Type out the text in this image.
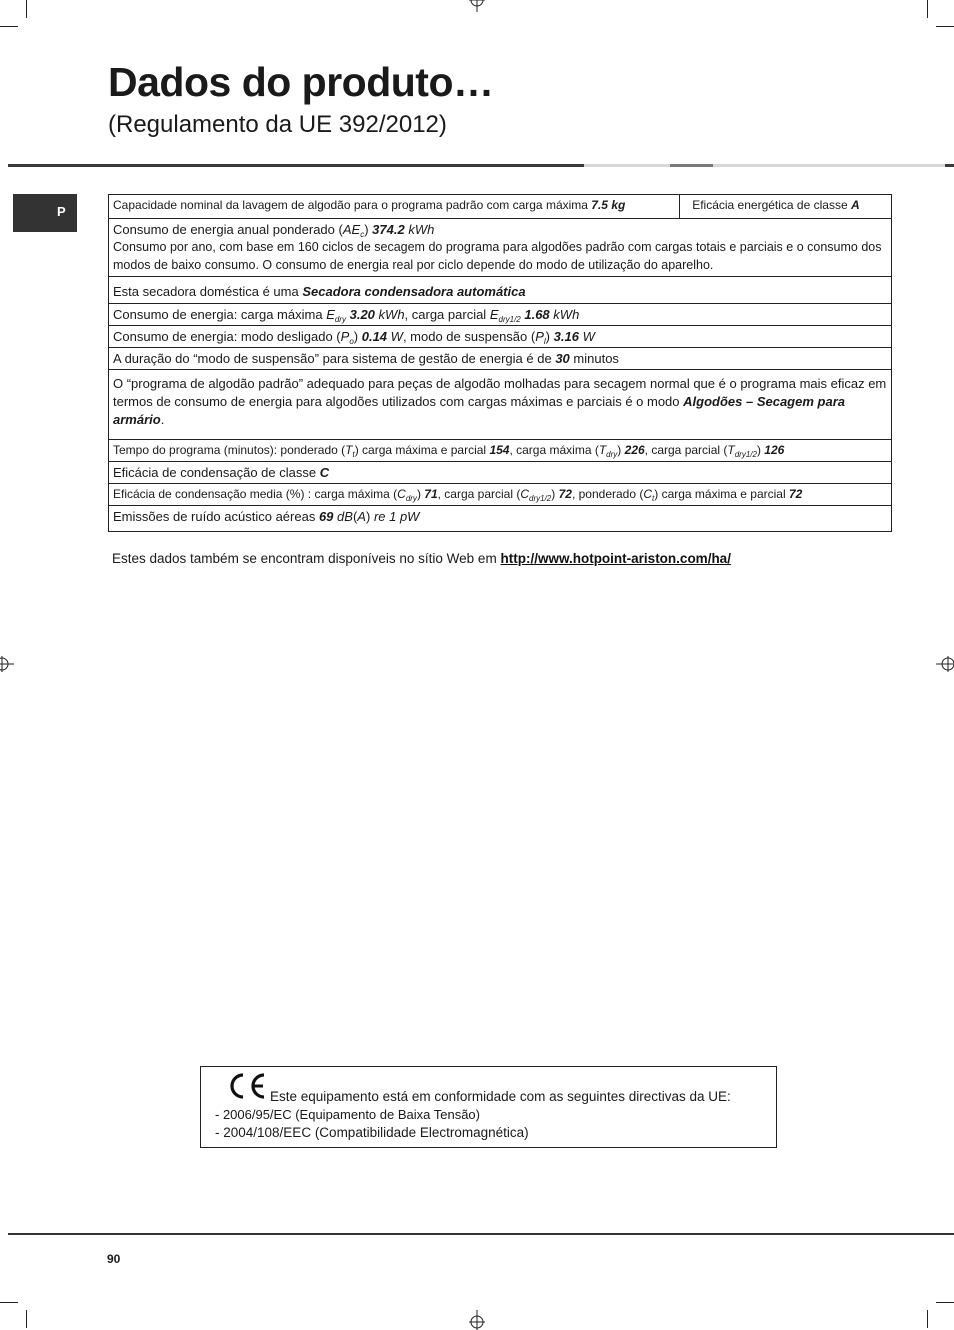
Dados do produto…
(Regulamento da UE 392/2012)
P	Capacidade nominal da lavagem de algodão para o programa padrão com carga máxima 7.5 kg	Eficácia energética de classe A
Consumo de energia anual ponderado $(AE_c)$ 374.2 kWh
Consumo por ano, com base em 160 ciclos de secagem do programa para algodões padrão com cargas totais e parciais e o consumo dos modos de baixo consumo. O consumo de energia real por ciclo depende do modo de utilização do aparelho.

Esta secadora doméstica é uma Secadora condensadora automática
Consumo de energia: carga máxima $E_{dry}$ 3.20 kWh, carga parcial $E_{dry1/2}$ 1.68 kWh
Consumo de energia: modo desligado $(P_o)$ 0.14 W, modo de suspensão $(P_l)$ 3.16 W
A duração do “modo de suspensão” para sistema de gestão de energia é de 30 minutos
O “programa de algodão padrão” adequado para peças de algodão molhadas para secagem normal que é o programa mais eficaz em termos de consumo de energia para algodões utilizados com cargas máximas e parciais é o modo Algodões – Secagem para armário.
Tempo do programa (minutos): ponderado $(T_t)$ carga máxima e parcial 154, carga máxima $(T_{dry})$ 226, carga parcial $(T_{dry1/2})$ 126
Eficácia de condensação de classe C
Eficácia de condensação media (%) : carga máxima $(C_{dry})$ 71, carga parcial $(C_{dry1/2})$ 72, ponderado $(C_t)$ carga máxima e parcial 72
Emissões de ruído acústico aéreas 69 dB(A) re 1 pW
Estes dados também se encontram disponíveis no sítio Web em http://www.hotpoint-ariston.com/ha/
Este equipamento está em conformidade com as seguintes directivas da UE:
- 2006/95/EC (Equipamento de Baixa Tensão)
- 2004/108/EEC (Compatibilidade Electromagnética)
90
